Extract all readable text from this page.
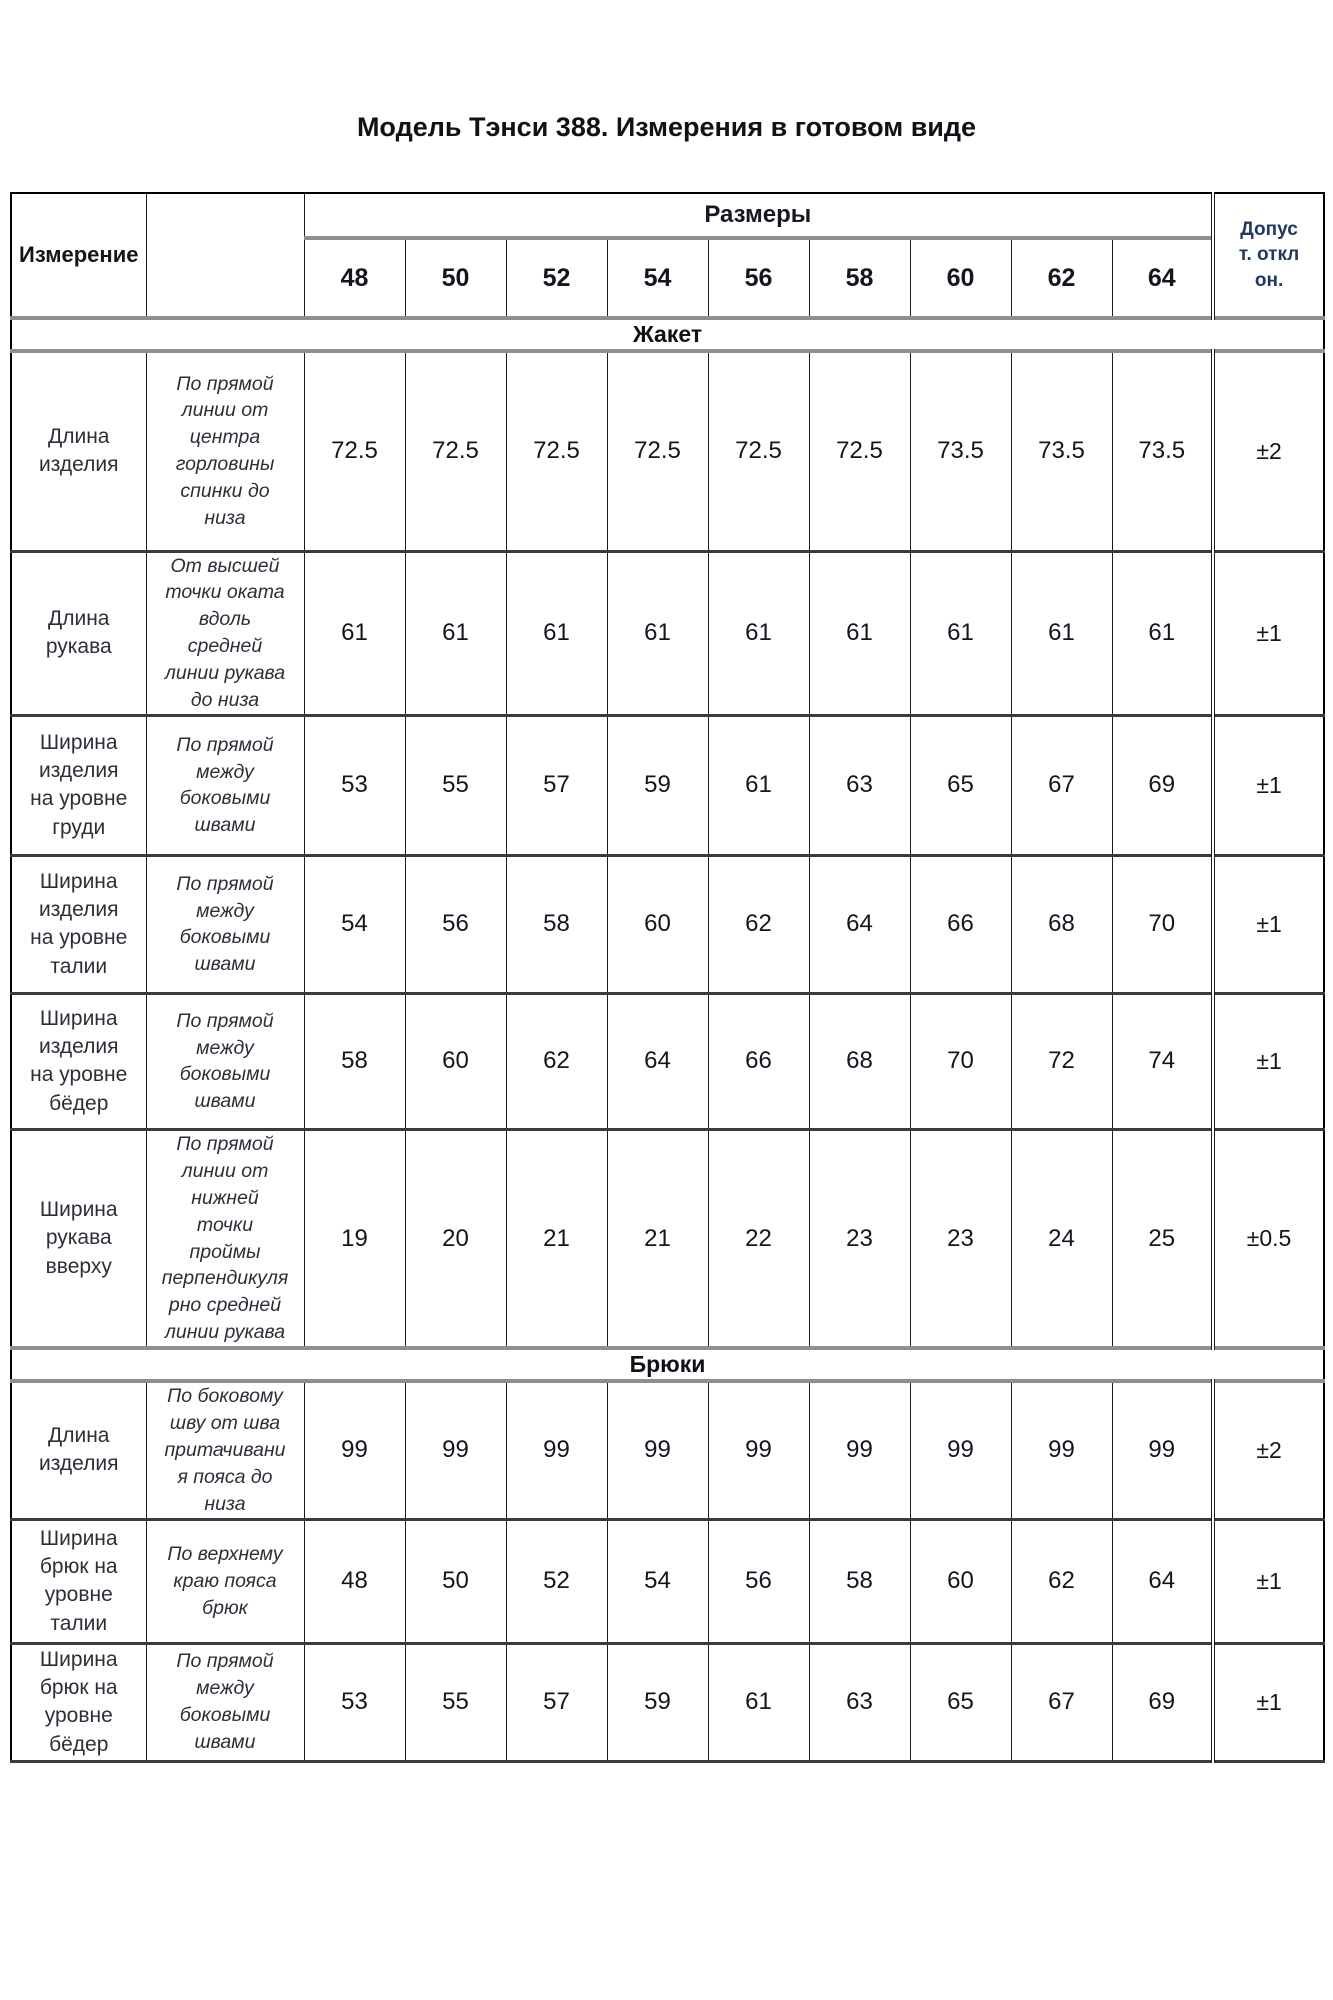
Модель Тэнси 388. Измерения в готовом виде
Измерение		Размеры									Допуст. отклон.
		48	50	52	54	56	58	60	62	64	
Жакет											
Длина изделия	По прямой линии от центра горловины спинки до низа	72.5	72.5	72.5	72.5	72.5	72.5	73.5	73.5	73.5	±2
Длина рукава	От высшей точки оката вдоль средней линии рукава до низа	61	61	61	61	61	61	61	61	61	±1
Ширина изделия на уровне груди	По прямой между боковыми швами	53	55	57	59	61	63	65	67	69	±1
Ширина изделия на уровне талии	По прямой между боковыми швами	54	56	58	60	62	64	66	68	70	±1
Ширина изделия на уровне бёдер	По прямой между боковыми швами	58	60	62	64	66	68	70	72	74	±1
Ширина рукава вверху	По прямой линии от нижней точки проймы перпендикулярно средней линии рукава	19	20	21	21	22	23	23	24	25	±0.5
Брюки											
Длина изделия	По боковому шву от шва притачивания пояса до низа	99	99	99	99	99	99	99	99	99	±2
Ширина брюк на уровне талии	По верхнему краю пояса брюк	48	50	52	54	56	58	60	62	64	±1
Ширина брюк на уровне бёдер	По прямой между боковыми швами	53	55	57	59	61	63	65	67	69	±1
